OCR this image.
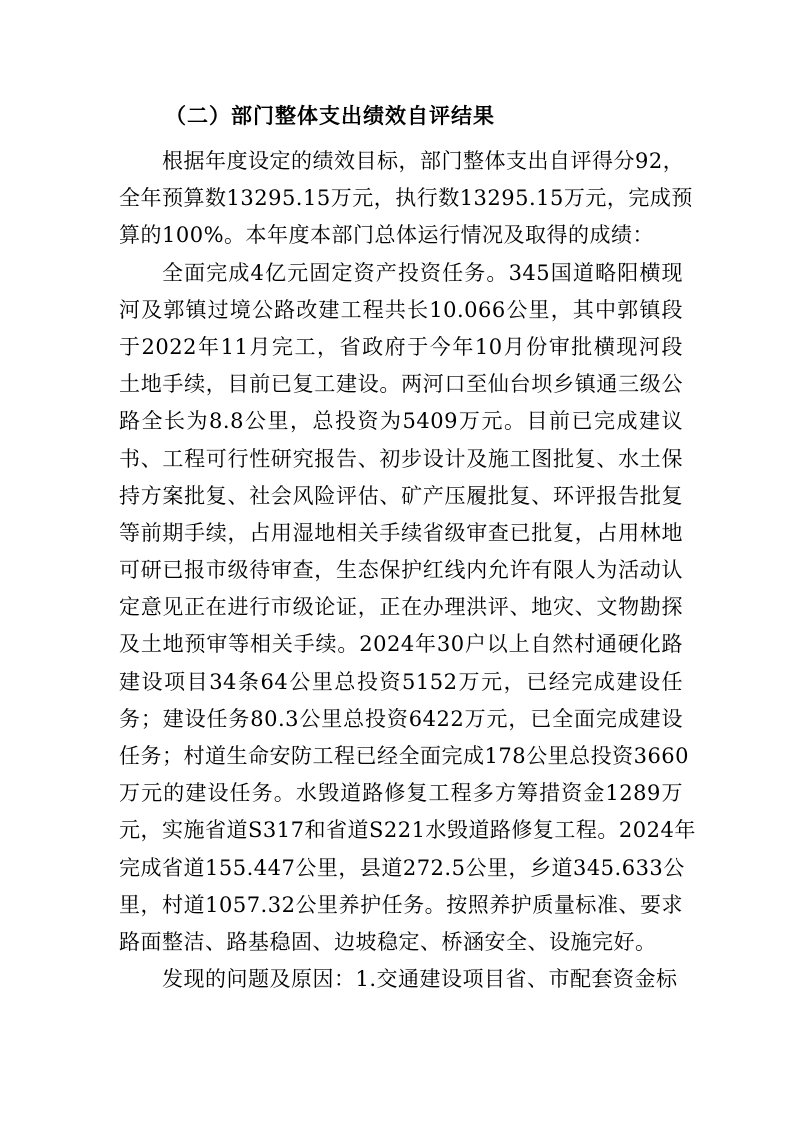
（二）部门整体支出绩效自评结果
根据年度设定的绩效目标，部门整体支出自评得分92，
全年预算数13295.15万元，执行数13295.15万元，完成预
算的100%。本年度本部门总体运行情况及取得的成绩：
全面完成4亿元固定资产投资任务。345国道略阳横现
河及郭镇过境公路改建工程共长10.066公里，其中郭镇段
于2022年11月完工，省政府于今年10月份审批横现河段
土地手续，目前已复工建设。两河口至仙台坝乡镇通三级公
路全长为8.8公里，总投资为5409万元。目前已完成建议
书、工程可行性研究报告、初步设计及施工图批复、水土保
持方案批复、社会风险评估、矿产压履批复、环评报告批复
等前期手续，占用湿地相关手续省级审查已批复，占用林地
可研已报市级待审查，生态保护红线内允许有限人为活动认
定意见正在进行市级论证，正在办理洪评、地灾、文物勘探
及土地预审等相关手续。2024年30户以上自然村通硬化路
建设项目34条64公里总投资5152万元，已经完成建设任
务；建设任务80.3公里总投资6422万元，已全面完成建设
任务；村道生命安防工程已经全面完成178公里总投资3660
万元的建设任务。水毁道路修复工程多方筹措资金1289万
元，实施省道S317和省道S221水毁道路修复工程。2024年
完成省道155.447公里，县道272.5公里，乡道345.633公
里，村道1057.32公里养护任务。按照养护质量标准、要求
路面整洁、路基稳固、边坡稳定、桥涵安全、设施完好。
发现的问题及原因：1.交通建设项目省、市配套资金标
